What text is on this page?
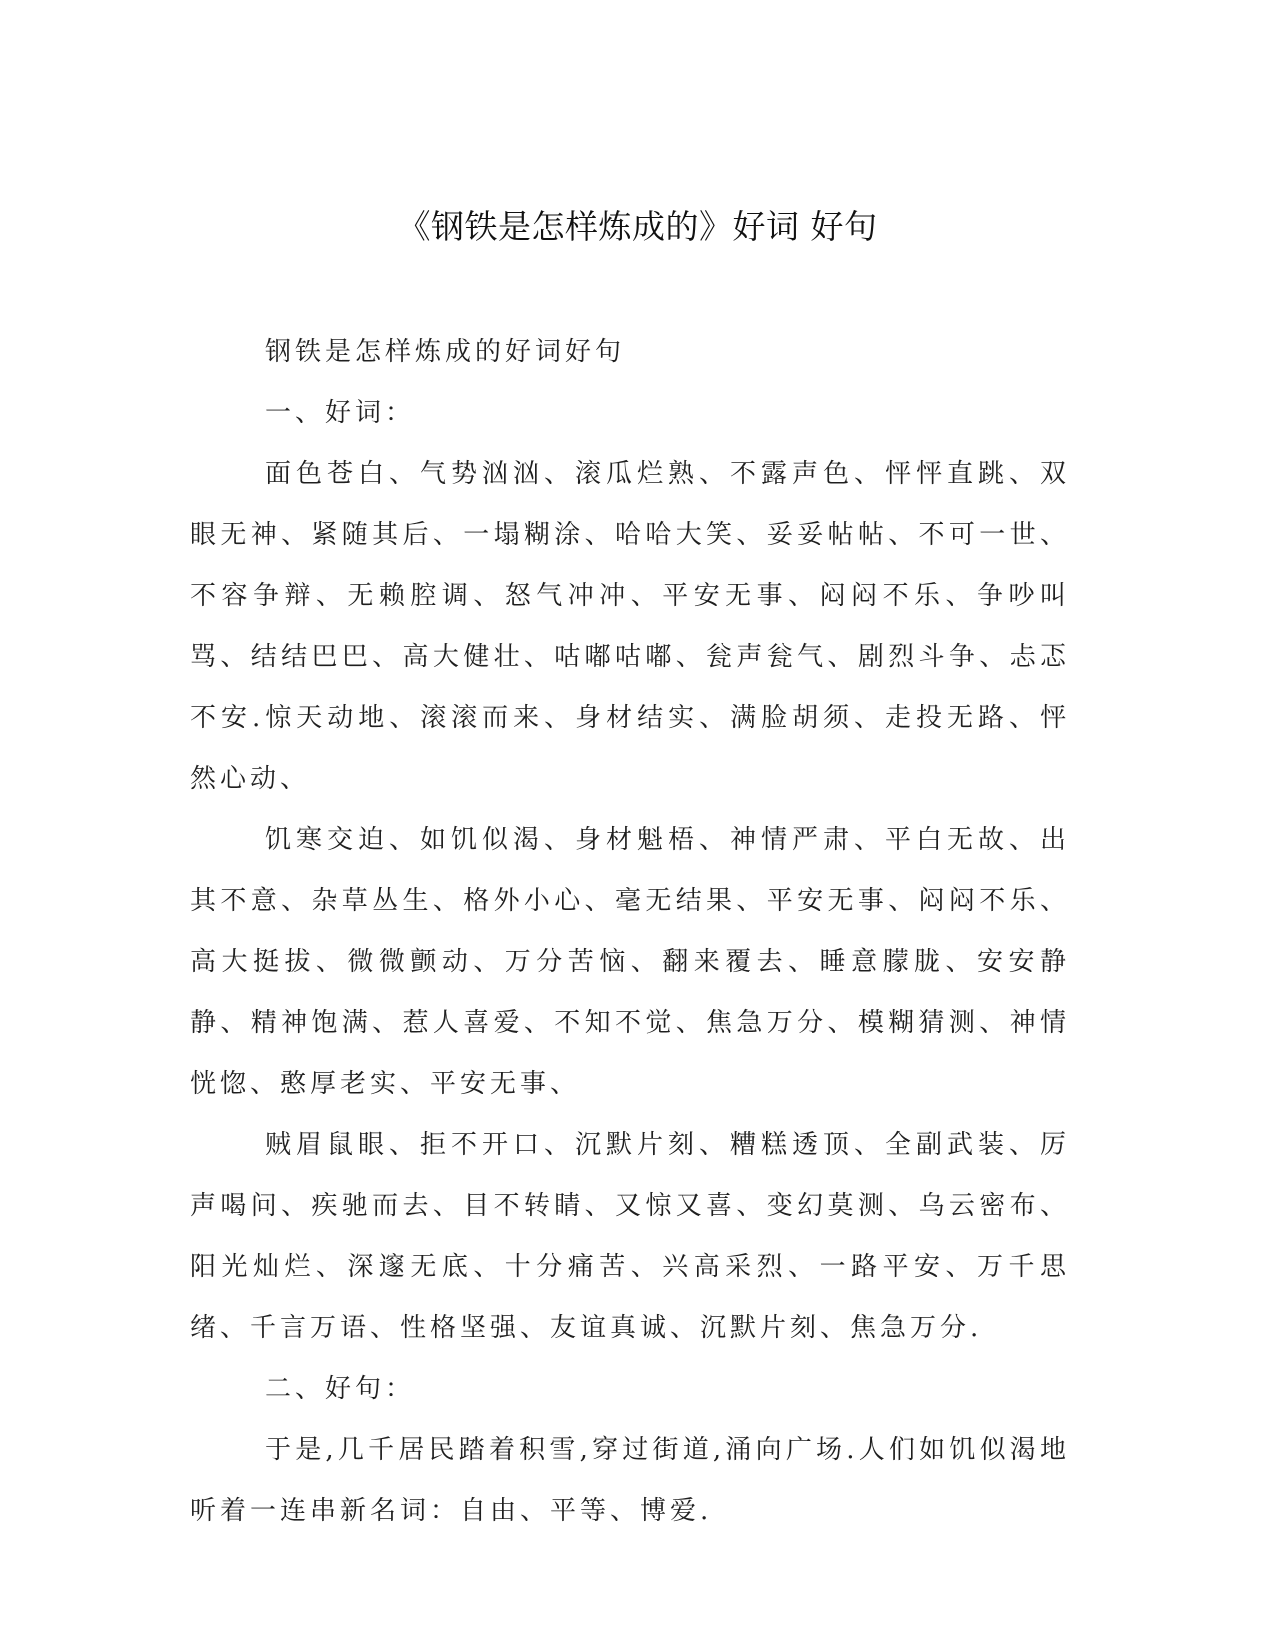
《钢铁是怎样炼成的》好词 好句

钢铁是怎样炼成的好词好句

一、好词：

面色苍白、气势汹汹、滚瓜烂熟、不露声色、怦怦直跳、双眼无神、紧随其后、一塌糊涂、哈哈大笑、妥妥帖帖、不可一世、不容争辩、无赖腔调、怒气冲冲、平安无事、闷闷不乐、争吵叫骂、结结巴巴、高大健壮、咕嘟咕嘟、瓮声瓮气、剧烈斗争、忐忑不安.惊天动地、滚滚而来、身材结实、满脸胡须、走投无路、怦然心动、

饥寒交迫、如饥似渴、身材魁梧、神情严肃、平白无故、出其不意、杂草丛生、格外小心、毫无结果、平安无事、闷闷不乐、高大挺拔、微微颤动、万分苦恼、翻来覆去、睡意朦胧、安安静静、精神饱满、惹人喜爱、不知不觉、焦急万分、模糊猜测、神情恍惚、憨厚老实、平安无事、

贼眉鼠眼、拒不开口、沉默片刻、糟糕透顶、全副武装、厉声喝问、疾驰而去、目不转睛、又惊又喜、变幻莫测、乌云密布、阳光灿烂、深邃无底、十分痛苦、兴高采烈、一路平安、万千思绪、千言万语、性格坚强、友谊真诚、沉默片刻、焦急万分.

二、好句：

于是,几千居民踏着积雪,穿过街道,涌向广场.人们如饥似渴地听着一连串新名词：自由、平等、博爱.
